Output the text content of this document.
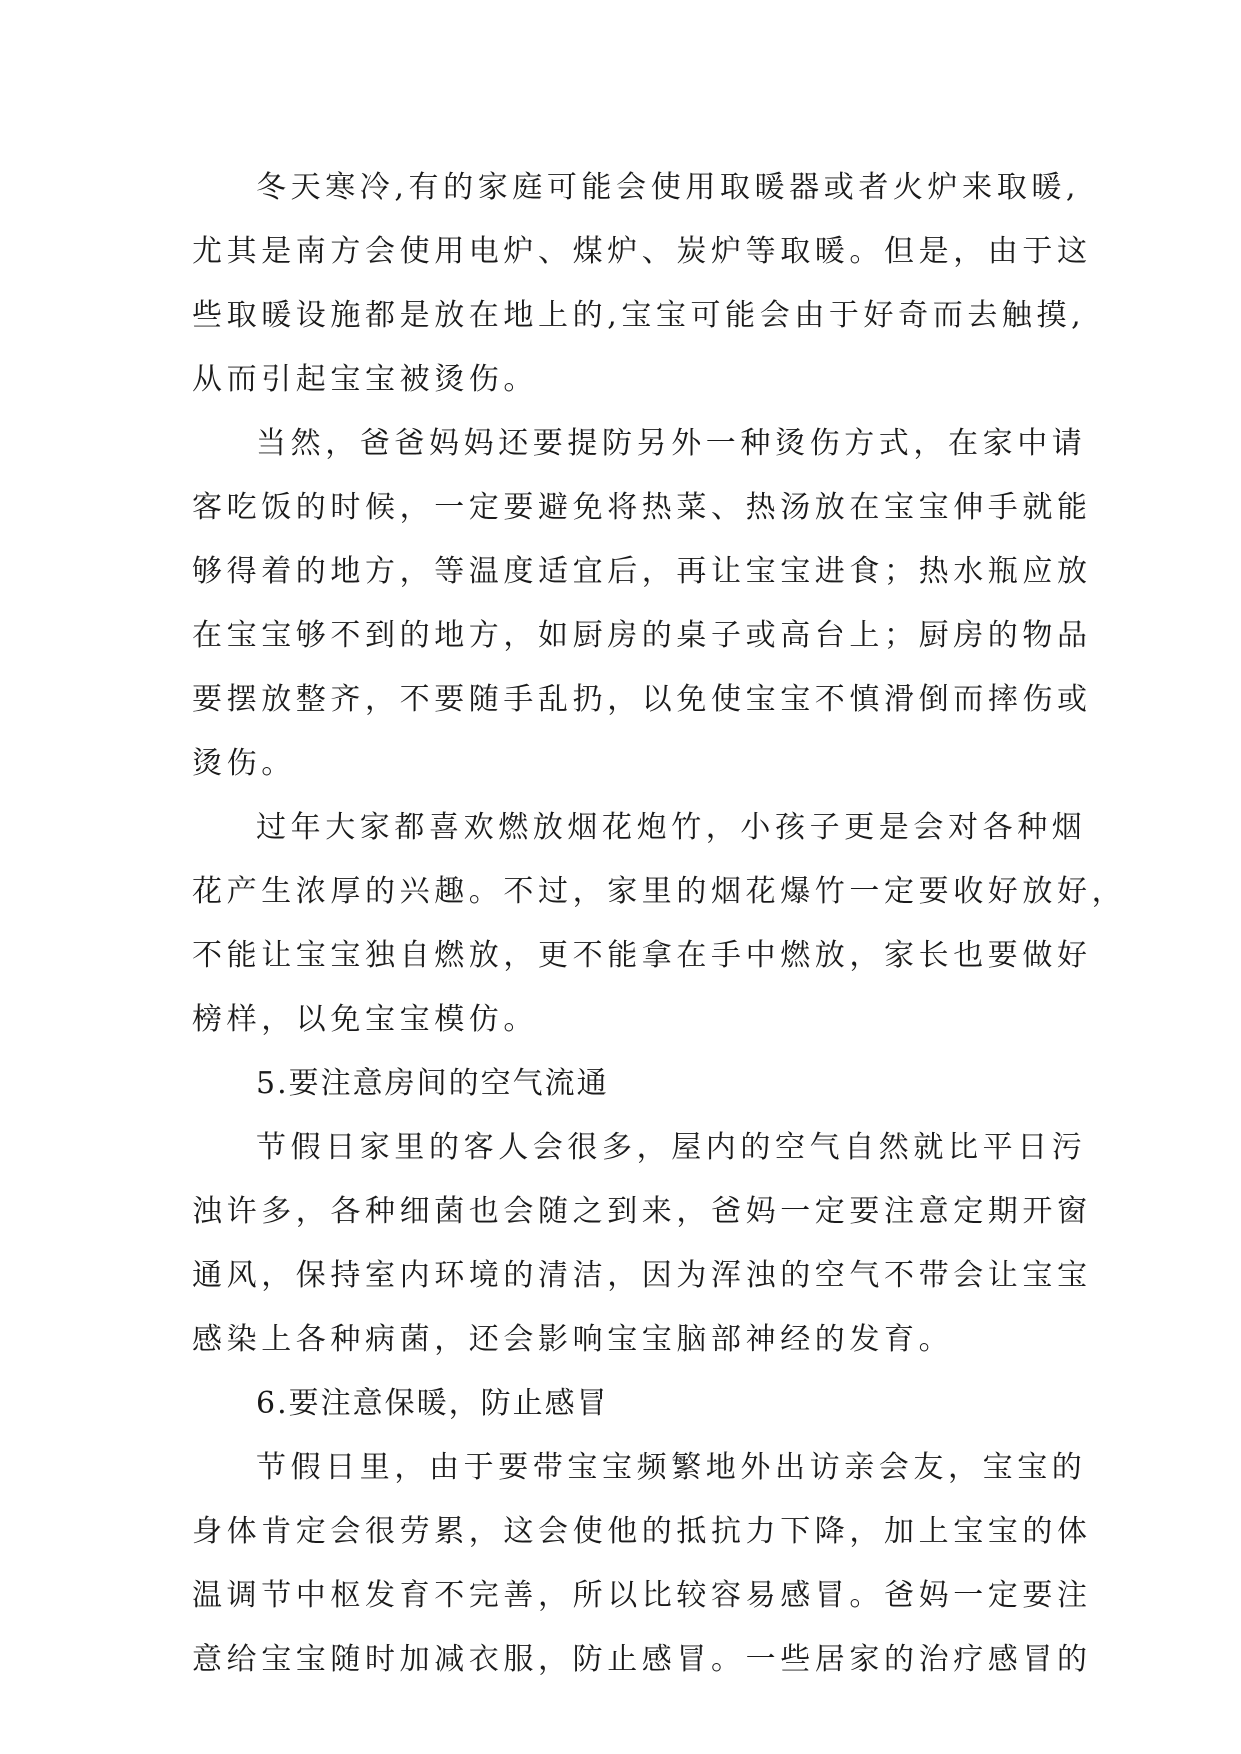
冬天寒冷,有的家庭可能会使用取暖器或者火炉来取暖,
尤其是南方会使用电炉、煤炉、炭炉等取暖。但是，由于这
些取暖设施都是放在地上的,宝宝可能会由于好奇而去触摸,
从而引起宝宝被烫伤。
当然，爸爸妈妈还要提防另外一种烫伤方式，在家中请
客吃饭的时候，一定要避免将热菜、热汤放在宝宝伸手就能
够得着的地方，等温度适宜后，再让宝宝进食；热水瓶应放
在宝宝够不到的地方，如厨房的桌子或高台上；厨房的物品
要摆放整齐，不要随手乱扔，以免使宝宝不慎滑倒而摔伤或
烫伤。
过年大家都喜欢燃放烟花炮竹，小孩子更是会对各种烟
花产生浓厚的兴趣。不过，家里的烟花爆竹一定要收好放好，
不能让宝宝独自燃放，更不能拿在手中燃放，家长也要做好
榜样，以免宝宝模仿。
5.要注意房间的空气流通
节假日家里的客人会很多，屋内的空气自然就比平日污
浊许多，各种细菌也会随之到来，爸妈一定要注意定期开窗
通风，保持室内环境的清洁，因为浑浊的空气不带会让宝宝
感染上各种病菌，还会影响宝宝脑部神经的发育。
6.要注意保暖，防止感冒
节假日里，由于要带宝宝频繁地外出访亲会友，宝宝的
身体肯定会很劳累，这会使他的抵抗力下降，加上宝宝的体
温调节中枢发育不完善，所以比较容易感冒。爸妈一定要注
意给宝宝随时加减衣服，防止感冒。一些居家的治疗感冒的
